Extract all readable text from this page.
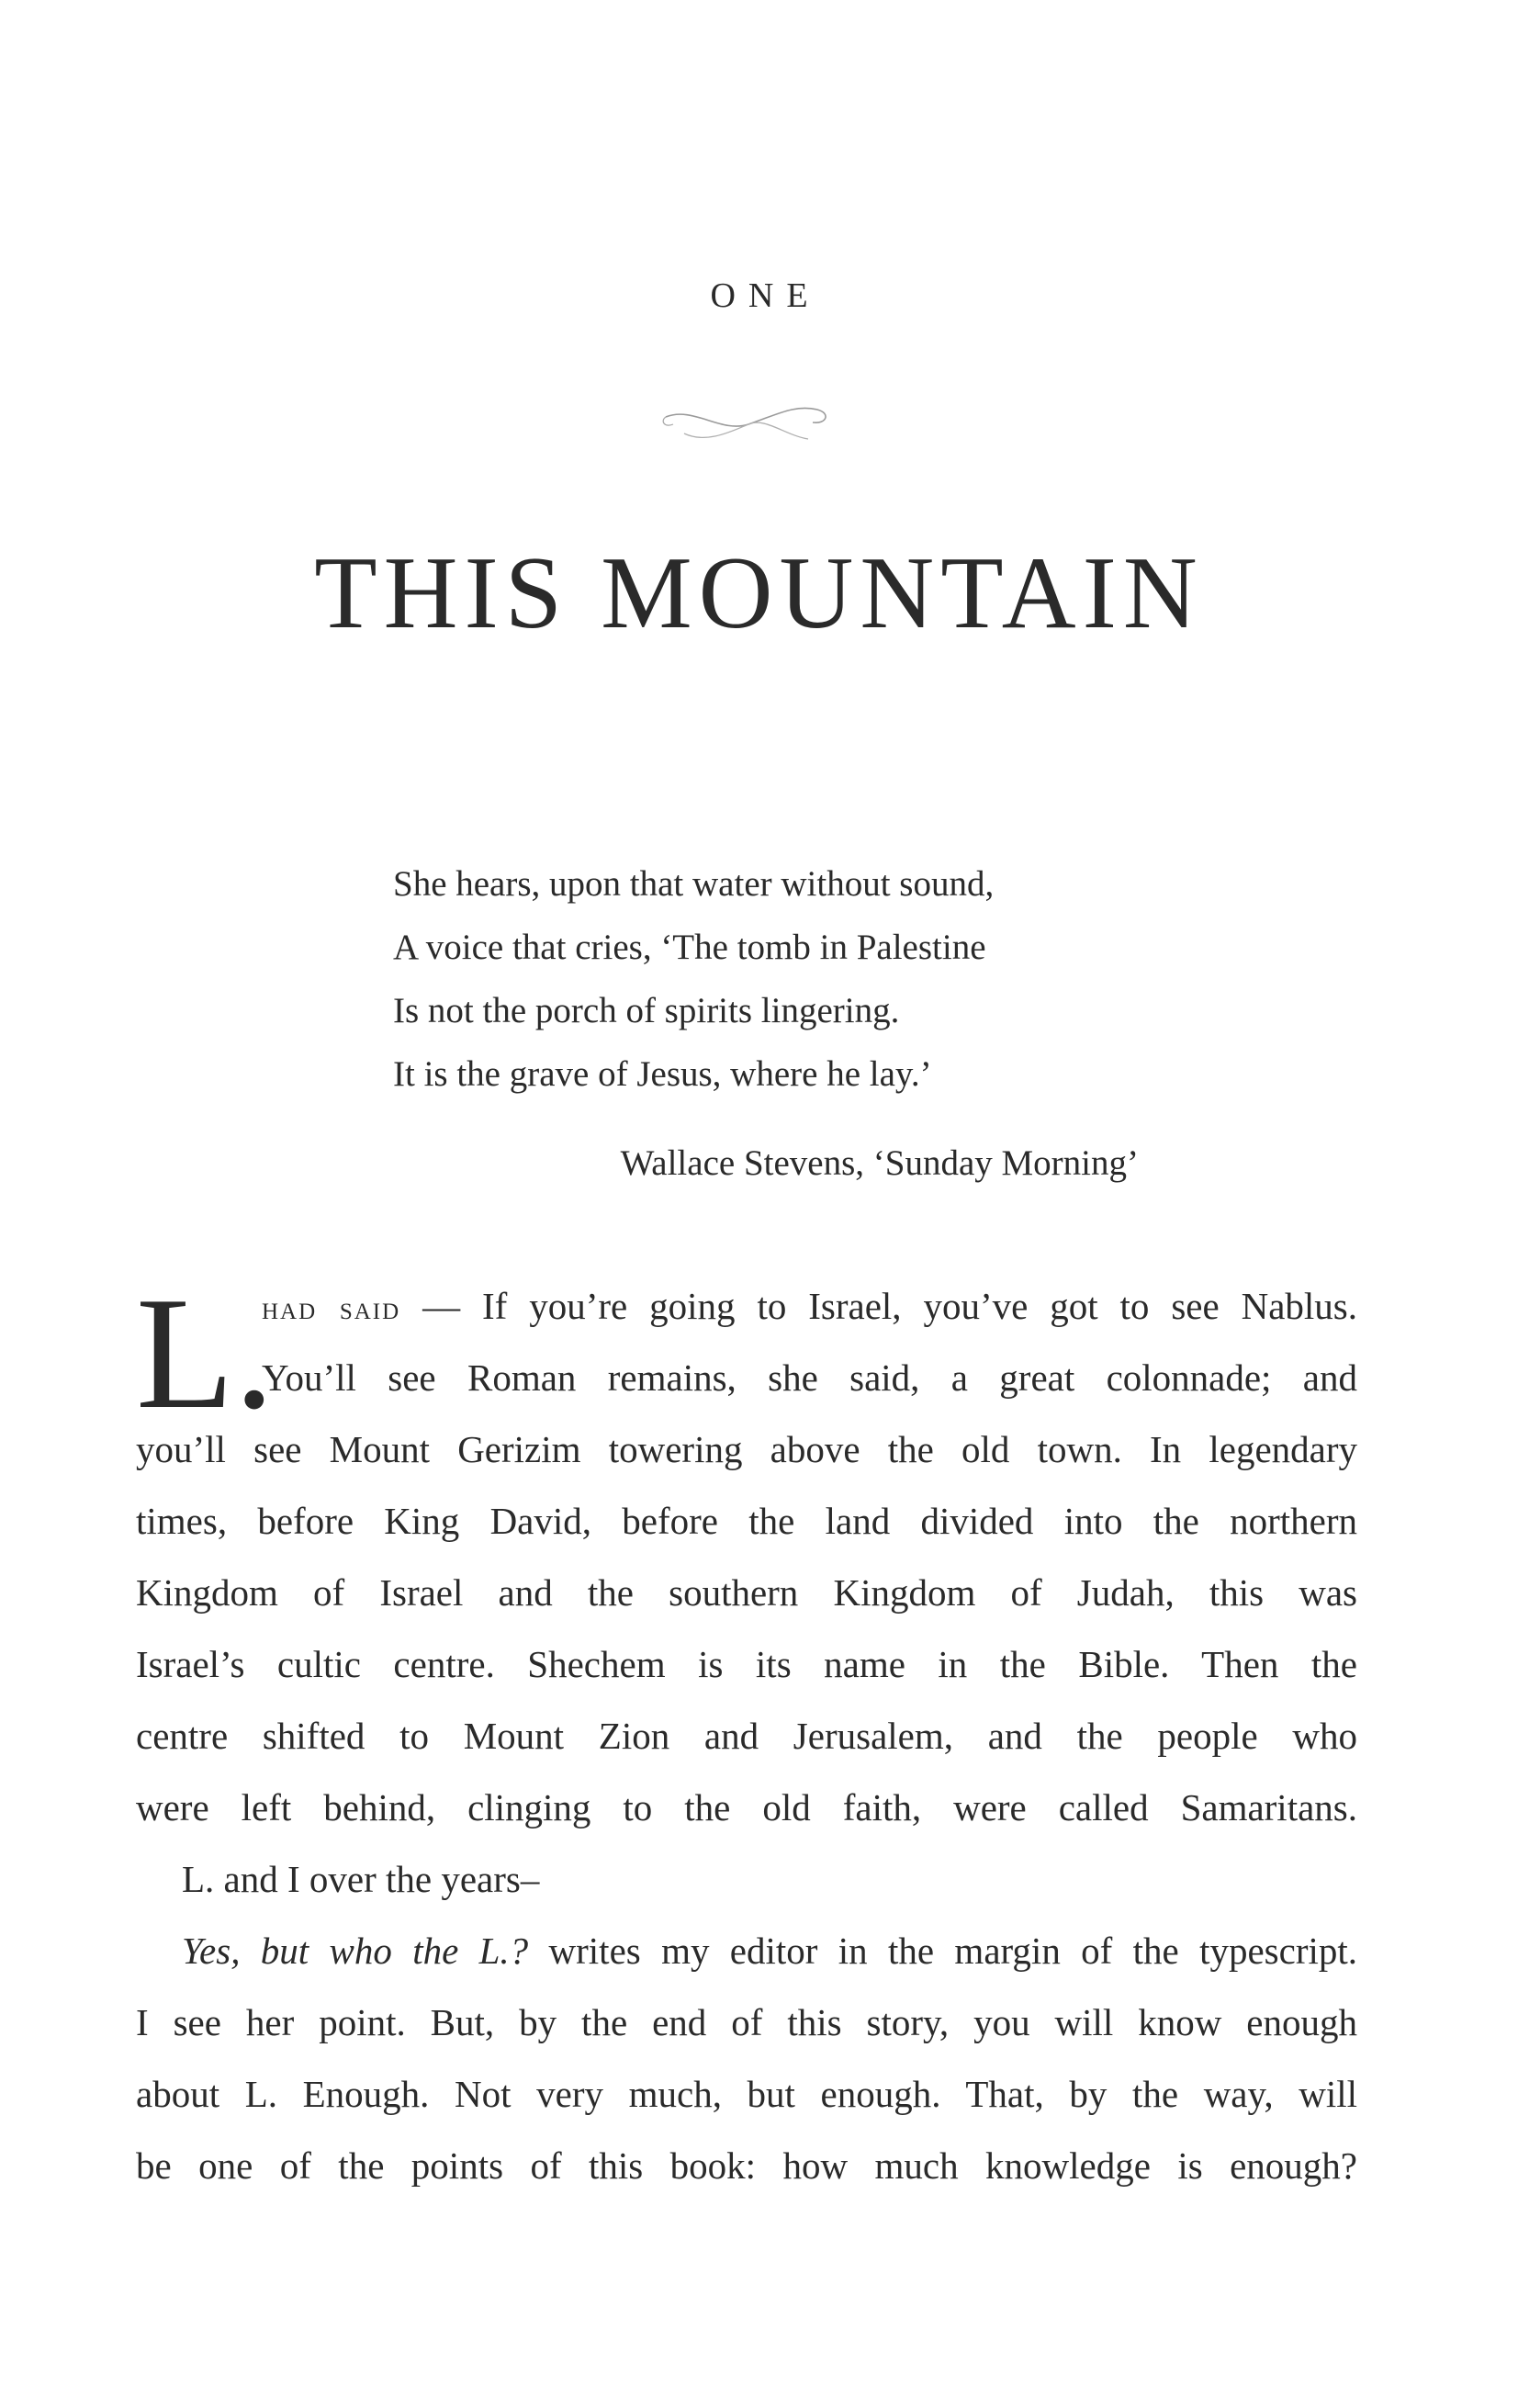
ONE
THIS MOUNTAIN
She hears, upon that water without sound,
A voice that cries, ‘The tomb in Palestine
Is not the porch of spirits lingering.
It is the grave of Jesus, where he lay.’
Wallace Stevens, ‘Sunday Morning’
L.
had said — If you’re going to Israel, you’ve got to see Nablus.
You’ll see Roman remains, she said, a great colonnade; and
you’ll see Mount Gerizim towering above the old town. In legendary
times, before King David, before the land divided into the northern
Kingdom of Israel and the southern Kingdom of Judah, this was
Israel’s cultic centre. Shechem is its name in the Bible. Then the
centre shifted to Mount Zion and Jerusalem, and the people who
were left behind, clinging to the old faith, were called Samaritans.
L. and I over the years–
Yes, but who the L.? writes my editor in the margin of the typescript.
I see her point. But, by the end of this story, you will know enough
about L. Enough. Not very much, but enough. That, by the way, will
be one of the points of this book: how much knowledge is enough?
